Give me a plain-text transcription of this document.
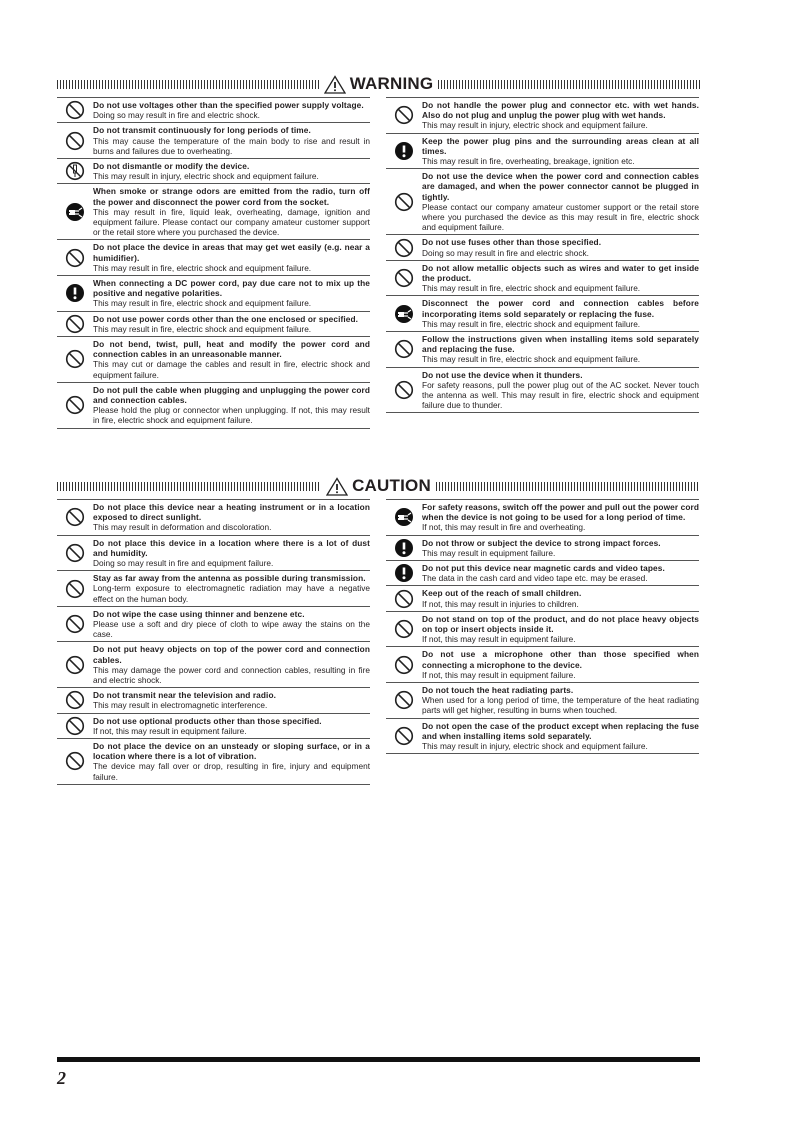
WARNING
Do not use voltages other than the specified power supply voltage.
Doing so may result in fire and electric shock.
Do not transmit continuously for long periods of time.
This may cause the temperature of the main body to rise and result in burns and failures due to overheating.
Do not dismantle or modify the device.
This may result in injury, electric shock and equipment failure.
When smoke or strange odors are emitted from the radio, turn off the power and disconnect the power cord from the socket.
This may result in fire, liquid leak, overheating, damage, ignition and equipment failure. Please contact our company amateur customer support or the retail store where you purchased the device.
Do not place the device in areas that may get wet easily (e.g. near a humidifier).
This may result in fire, electric shock and equipment failure.
When connecting a DC power cord, pay due care not to mix up the positive and negative polarities.
This may result in fire, electric shock and equipment failure.
Do not use power cords other than the one enclosed or specified.
This may result in fire, electric shock and equipment failure.
Do not bend, twist, pull, heat and modify the power cord and connection cables in an unreasonable manner.
This may cut or damage the cables and result in fire, electric shock and equipment failure.
Do not pull the cable when plugging and unplugging the power cord and connection cables.
Please hold the plug or connector when unplugging. If not, this may result in fire, electric shock and equipment failure.
Do not handle the power plug and connector etc. with wet hands. Also do not plug and unplug the power plug with wet hands.
This may result in injury, electric shock and equipment failure.
Keep the power plug pins and the surrounding areas clean at all times.
This may result in fire, overheating, breakage, ignition etc.
Do not use the device when the power cord and connection cables are damaged, and when the power connector cannot be plugged in tightly.
Please contact our company amateur customer support or the retail store where you purchased the device as this may result in fire, electric shock and equipment failure.
Do not use fuses other than those specified.
Doing so may result in fire and electric shock.
Do not allow metallic objects such as wires and water to get inside the product.
This may result in fire, electric shock and equipment failure.
Disconnect the power cord and connection cables before incorporating items sold separately or replacing the fuse.
This may result in fire, electric shock and equipment failure.
Follow the instructions given when installing items sold separately and replacing the fuse.
This may result in fire, electric shock and equipment failure.
Do not use the device when it thunders.
For safety reasons, pull the power plug out of the AC socket. Never touch the antenna as well. This may result in fire, electric shock and equipment failure due to thunder.
CAUTION
Do not place this device near a heating instrument or in a location exposed to direct sunlight.
This may result in deformation and discoloration.
Do not place this device in a location where there is a lot of dust and humidity.
Doing so may result in fire and equipment failure.
Stay as far away from the antenna as possible during transmission.
Long-term exposure to electromagnetic radiation may have a negative effect on the human body.
Do not wipe the case using thinner and benzene etc.
Please use a soft and dry piece of cloth to wipe away the stains on the case.
Do not put heavy objects on top of the power cord and connection cables.
This may damage the power cord and connection cables, resulting in fire and electric shock.
Do not transmit near the television and radio.
This may result in electromagnetic interference.
Do not use optional products other than those specified.
If not, this may result in equipment failure.
Do not place the device on an unsteady or sloping surface, or in a location where there is a lot of vibration.
The device may fall over or drop, resulting in fire, injury and equipment failure.
For safety reasons, switch off the power and pull out the power cord when the device is not going to be used for a long period of time.
If not, this may result in fire and overheating.
Do not throw or subject the device to strong impact forces.
This may result in equipment failure.
Do not put this device near magnetic cards and video tapes.
The data in the cash card and video tape etc. may be erased.
Keep out of the reach of small children.
If not, this may result in injuries to children.
Do not stand on top of the product, and do not place heavy objects on top or insert objects inside it.
If not, this may result in equipment failure.
Do not use a microphone other than those specified when connecting a microphone to the device.
If not, this may result in equipment failure.
Do not touch the heat radiating parts.
When used for a long period of time, the temperature of the heat radiating parts will get higher, resulting in burns when touched.
Do not open the case of the product except when replacing the fuse and when installing items sold separately.
This may result in injury, electric shock and equipment failure.
2
